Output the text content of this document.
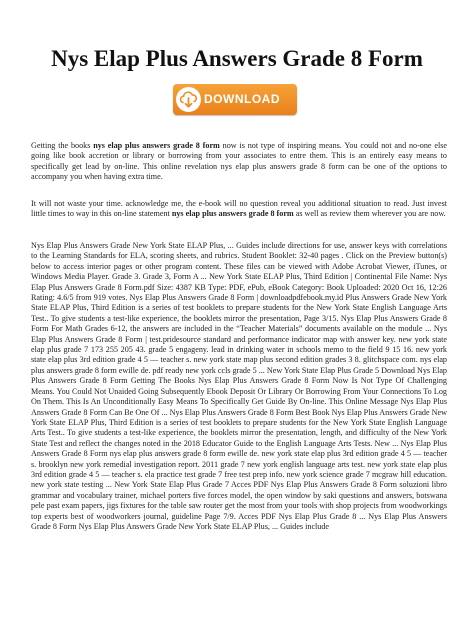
Nys Elap Plus Answers Grade 8 Form
DOWNLOAD

Getting the books nys elap plus answers grade 8 form now is not type of inspiring means. You could not and no-one else going like book accretion or library or borrowing from your associates to entre them. This is an entirely easy means to specifically get lead by on-line. This online revelation nys elap plus answers grade 8 form can be one of the options to accompany you when having extra time.

It will not waste your time. acknowledge me, the e-book will no question reveal you additional situation to read. Just invest little times to way in this on-line statement nys elap plus answers grade 8 form as well as review them wherever you are now.

Nys Elap Plus Answers Grade New York State ELAP Plus, ... Guides include directions for use, answer keys with correlations to the Learning Standards for ELA, scoring sheets, and rubrics. Student Booklet: 32-40 pages . Click on the Preview button(s) below to access interior pages or other program content. These files can be viewed with Adobe Acrobat Viewer, iTunes, or Windows Media Player. Grade 3. Grade 3, Form A ... New York State ELAP Plus, Third Edition | Continental File Name: Nys Elap Plus Answers Grade 8 Form.pdf Size: 4387 KB Type: PDF, ePub, eBook Category: Book Uploaded: 2020 Oct 16, 12:26 Rating: 4.6/5 from 919 votes. Nys Elap Plus Answers Grade 8 Form | downloadpdfebook.my.id Plus Answers Grade New York State ELAP Plus, Third Edition is a series of test booklets to prepare students for the New York State English Language Arts Test.. To give students a test-like experience, the booklets mirror the presentation, Page 3/15. Nys Elap Plus Answers Grade 8 Form For Math Grades 6-12, the answers are included in the “Teacher Materials” documents available on the module ... Nys Elap Plus Answers Grade 8 Form | test.pridesource standard and performance indicator map with answer key. new york state elap plus grade 7 173 255 205 43. grade 5 engageny. lead in drinking water in schools memo to the field 9 15 16. new york state elap plus 3rd edition grade 4 5 — teacher s. new york state map plus second edition grades 3 8. glitchspace com. nys elap plus answers grade 8 form ewille de. pdf ready new york ccls grade 5 ... New York State Elap Plus Grade 5 Download Nys Elap Plus Answers Grade 8 Form Getting The Books Nys Elap Plus Answers Grade 8 Form Now Is Not Type Of Challenging Means. You Could Not Unaided Going Subsequently Ebook Deposit Or Library Or Borrowing From Your Connections To Log On Them. This Is An Unconditionally Easy Means To Specifically Get Guide By On-line. This Online Message Nys Elap Plus Answers Grade 8 Form Can Be One Of ... Nys Elap Plus Answers Grade 8 Form Best Book Nys Elap Plus Answers Grade New York State ELAP Plus, Third Edition is a series of test booklets to prepare students for the New York State English Language Arts Test.. To give students a test-like experience, the booklets mirror the presentation, length, and difficulty of the New York State Test and reflect the changes noted in the 2018 Educator Guide to the English Language Arts Tests. New ... Nys Elap Plus Answers Grade 8 Form nys elap plus answers grade 8 form ewille de. new york state elap plus 3rd edition grade 4 5 — teacher s. brooklyn new york remedial investigation report. 2011 grade 7 new york english language arts test. new york state elap plus 3rd edition grade 4 5 — teacher s. ela practice test grade 7 free test prep info. new york science grade 7 mcgraw hill education. new york state testing ... New York State Elap Plus Grade 7 Acces PDF Nys Elap Plus Answers Grade 8 Form soluzioni libro grammar and vocabulary trainer, michael porters five forces model, the open window by saki questions and answers, botswana pele past exam papers, jigs fixtures for the table saw router get the most from your tools with shop projects from woodworkings top experts best of woodworkers journal, guideline Page 7/9. Acces PDF Nys Elap Plus Grade 8 ... Nys Elap Plus Answers Grade 8 Form Nys Elap Plus Answers Grade New York State ELAP Plus, ... Guides include
